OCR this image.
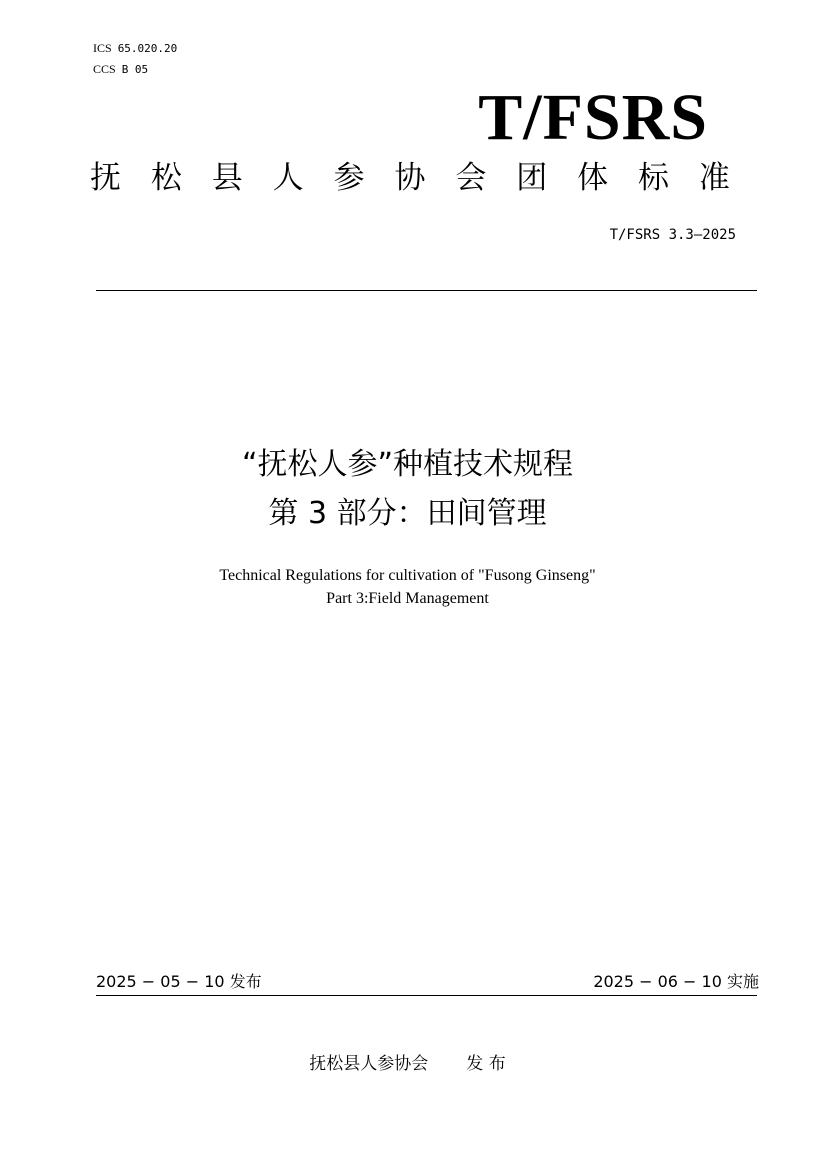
ICS 65.020.20
CCS B 05
T/FSRS
抚 松 县 人 参 协 会 团 体 标 准
T/FSRS 3.3—2025
“抚松人参”种植技术规程
第 3 部分：田间管理
Technical Regulations for cultivation of "Fusong Ginseng"
Part 3:Field Management
2025 − 05 − 10 发布	2025 − 06 − 10 实施
抚松县人参协会 发 布
